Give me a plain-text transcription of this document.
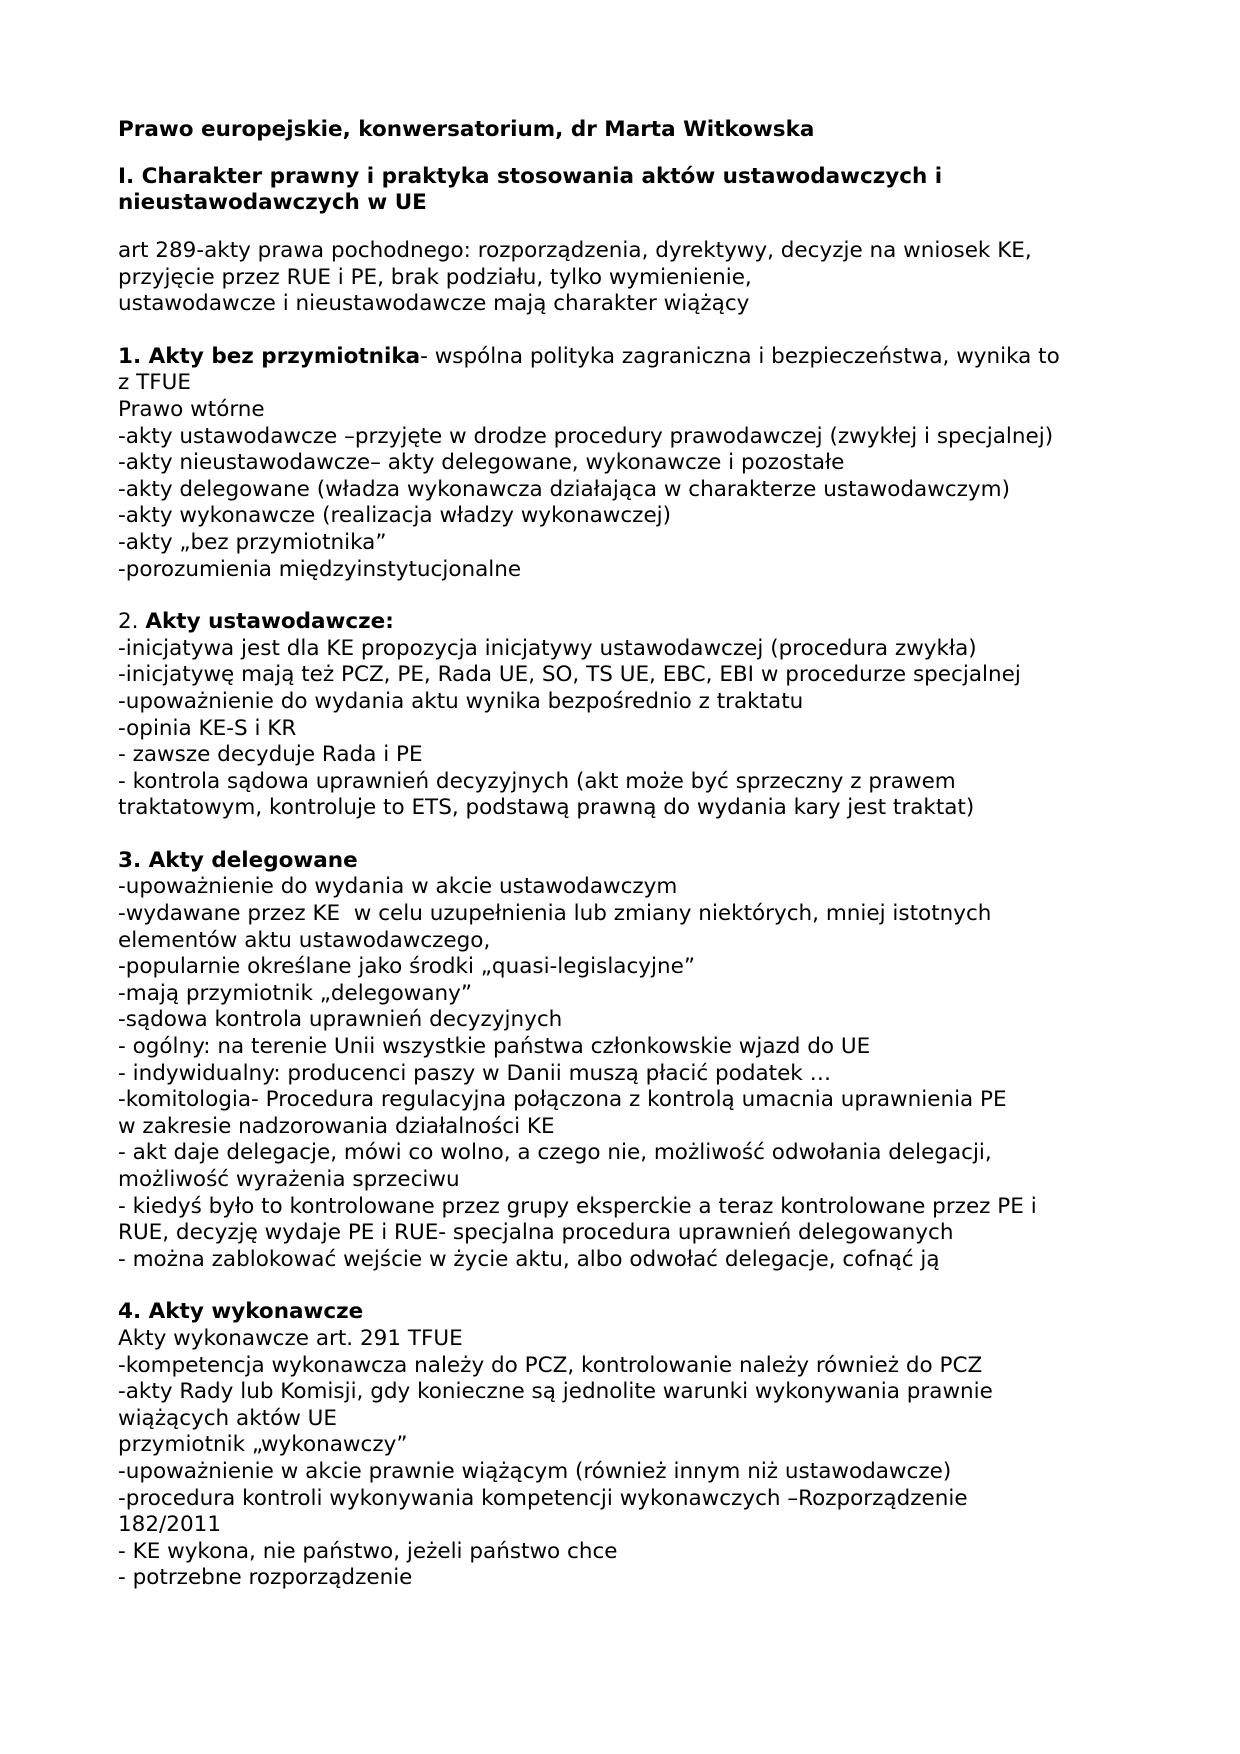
Prawo europejskie, konwersatorium, dr Marta Witkowska
I. Charakter prawny i praktyka stosowania aktów ustawodawczych i
nieustawodawczych w UE
art 289-akty prawa pochodnego: rozporządzenia, dyrektywy, decyzje na wniosek KE,
przyjęcie przez RUE i PE, brak podziału, tylko wymienienie,
ustawodawcze i nieustawodawcze mają charakter wiążący
1. Akty bez przymiotnika- wspólna polityka zagraniczna i bezpieczeństwa, wynika to
z TFUE
Prawo wtórne
-akty ustawodawcze –przyjęte w drodze procedury prawodawczej (zwykłej i specjalnej)
-akty nieustawodawcze– akty delegowane, wykonawcze i pozostałe
-akty delegowane (władza wykonawcza działająca w charakterze ustawodawczym)
-akty wykonawcze (realizacja władzy wykonawczej)
-akty „bez przymiotnika”
-porozumienia międzyinstytucjonalne
2. Akty ustawodawcze:
-inicjatywa jest dla KE propozycja inicjatywy ustawodawczej (procedura zwykła)
-inicjatywę mają też PCZ, PE, Rada UE, SO, TS UE, EBC, EBI w procedurze specjalnej
-upoważnienie do wydania aktu wynika bezpośrednio z traktatu
-opinia KE-S i KR
- zawsze decyduje Rada i PE
- kontrola sądowa uprawnień decyzyjnych (akt może być sprzeczny z prawem
traktatowym, kontroluje to ETS, podstawą prawną do wydania kary jest traktat)
3. Akty delegowane
-upoważnienie do wydania w akcie ustawodawczym
-wydawane przez KE  w celu uzupełnienia lub zmiany niektórych, mniej istotnych
elementów aktu ustawodawczego,
-popularnie określane jako środki „quasi-legislacyjne”
-mają przymiotnik „delegowany”
-sądowa kontrola uprawnień decyzyjnych
- ogólny: na terenie Unii wszystkie państwa członkowskie wjazd do UE
- indywidualny: producenci paszy w Danii muszą płacić podatek …
-komitologia- Procedura regulacyjna połączona z kontrolą umacnia uprawnienia PE
w zakresie nadzorowania działalności KE
- akt daje delegacje, mówi co wolno, a czego nie, możliwość odwołania delegacji,
możliwość wyrażenia sprzeciwu
- kiedyś było to kontrolowane przez grupy eksperckie a teraz kontrolowane przez PE i
RUE, decyzję wydaje PE i RUE- specjalna procedura uprawnień delegowanych
- można zablokować wejście w życie aktu, albo odwołać delegacje, cofnąć ją
4. Akty wykonawcze
Akty wykonawcze art. 291 TFUE
-kompetencja wykonawcza należy do PCZ, kontrolowanie należy również do PCZ
-akty Rady lub Komisji, gdy konieczne są jednolite warunki wykonywania prawnie
wiążących aktów UE
przymiotnik „wykonawczy”
-upoważnienie w akcie prawnie wiążącym (również innym niż ustawodawcze)
-procedura kontroli wykonywania kompetencji wykonawczych –Rozporządzenie
182/2011
- KE wykona, nie państwo, jeżeli państwo chce
- potrzebne rozporządzenie
